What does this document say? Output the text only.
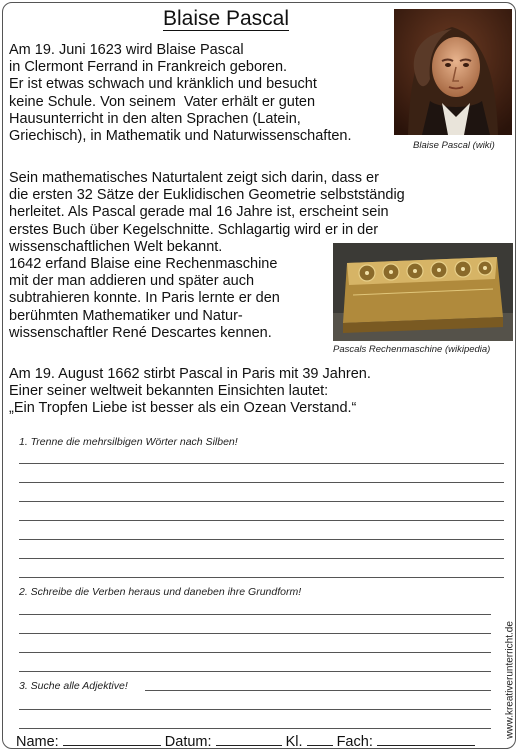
Blaise Pascal

Am 19. Juni 1623 wird Blaise Pascal
in Clermont Ferrand in Frankreich geboren.
Er ist etwas schwach und kränklich und besucht
keine Schule. Von seinem  Vater erhält er guten
Hausunterricht in den alten Sprachen (Latein,
Griechisch), in Mathematik und Naturwissenschaften.

Blaise Pascal (wiki)

Sein mathematisches Naturtalent zeigt sich darin, dass er
die ersten 32 Sätze der Euklidischen Geometrie selbstständig
herleitet. Als Pascal gerade mal 16 Jahre ist, erscheint sein
erstes Buch über Kegelschnitte. Schlagartig wird er in der
wissenschaftlichen Welt bekannt.

1642 erfand Blaise eine Rechenmaschine
mit der man addieren und später auch
subtrahieren konnte. In Paris lernte er den
berühmten Mathematiker und Natur-
wissenschaftler René Descartes kennen.

Pascals Rechenmaschine (wikipedia)

Am 19. August 1662 stirbt Pascal in Paris mit 39 Jahren.
Einer seiner weltweit bekannten Einsichten lautet:
„Ein Tropfen Liebe ist besser als ein Ozean Verstand.“

1. Trenne die mehrsilbigen Wörter nach Silben!
2. Schreibe die Verben heraus und daneben ihre Grundform!
3. Suche alle Adjektive!	www.kreativerunterricht.de
Name:	Datum:	Kl. Fach:
